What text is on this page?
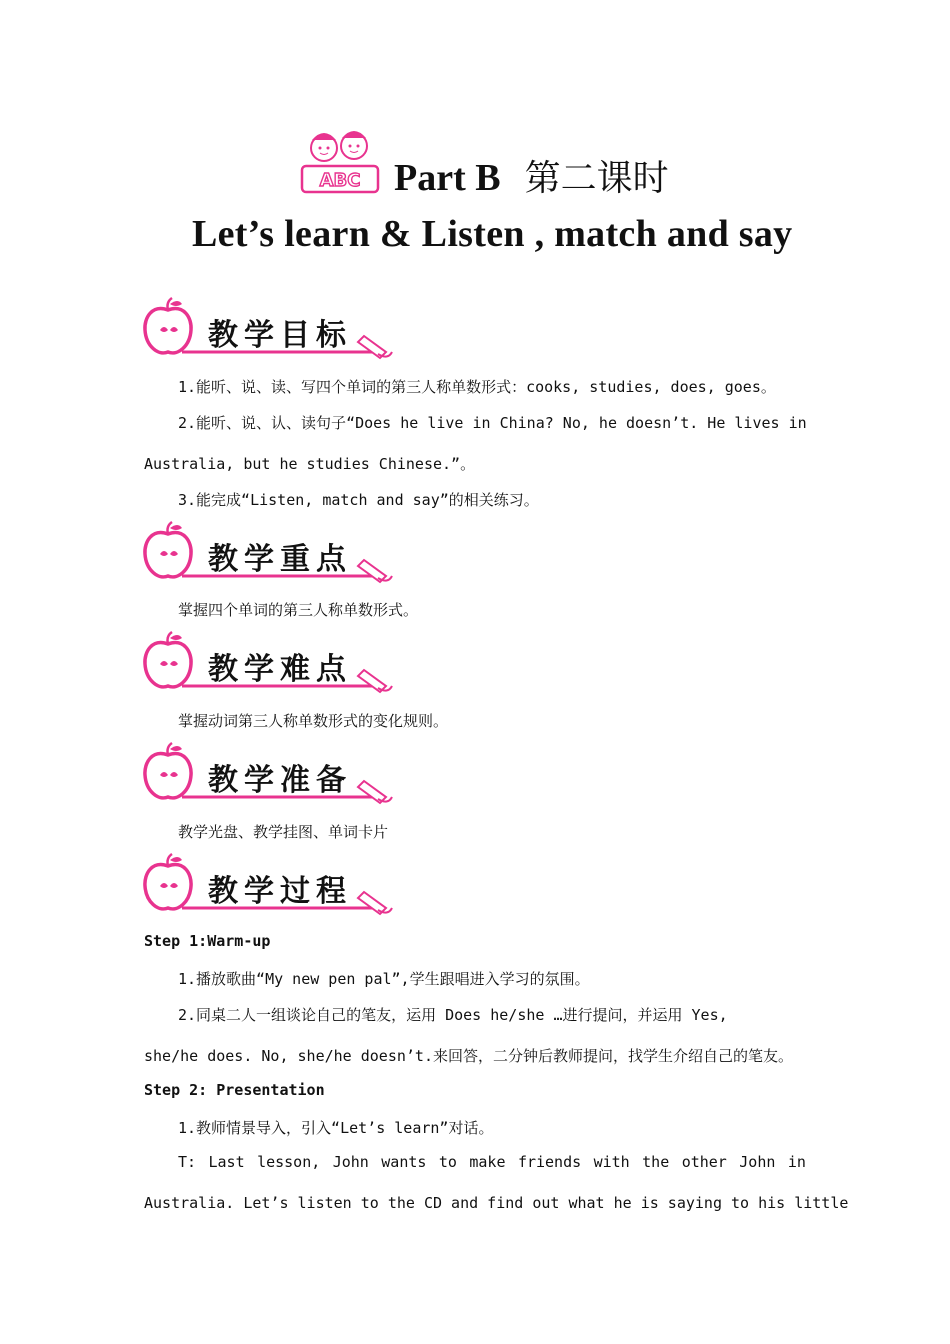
ABC Part B 第二课时
Let’s learn & Listen , match and say
教学目标
1.能听、说、读、写四个单词的第三人称单数形式：cooks, studies, does, goes。
2.能听、说、认、读句子“Does he live in China? No, he doesn’t. He lives in
Australia, but he studies Chinese.”。
3.能完成“Listen, match and say”的相关练习。
教学重点
掌握四个单词的第三人称单数形式。
教学难点
掌握动词第三人称单数形式的变化规则。
教学准备
教学光盘、教学挂图、单词卡片
教学过程
Step 1:Warm-up
1.播放歌曲“My new pen pal”,学生跟唱进入学习的氛围。
2.同桌二人一组谈论自己的笔友，运用 Does he/she …进行提问，并运用 Yes,
she/he does. No, she/he doesn’t.来回答，二分钟后教师提问，找学生介绍自己的笔友。
Step 2: Presentation
1.教师情景导入，引入“Let’s learn”对话。
T: Last lesson, John wants to make friends with the other John in
Australia. Let’s listen to the CD and find out what he is saying to his little
